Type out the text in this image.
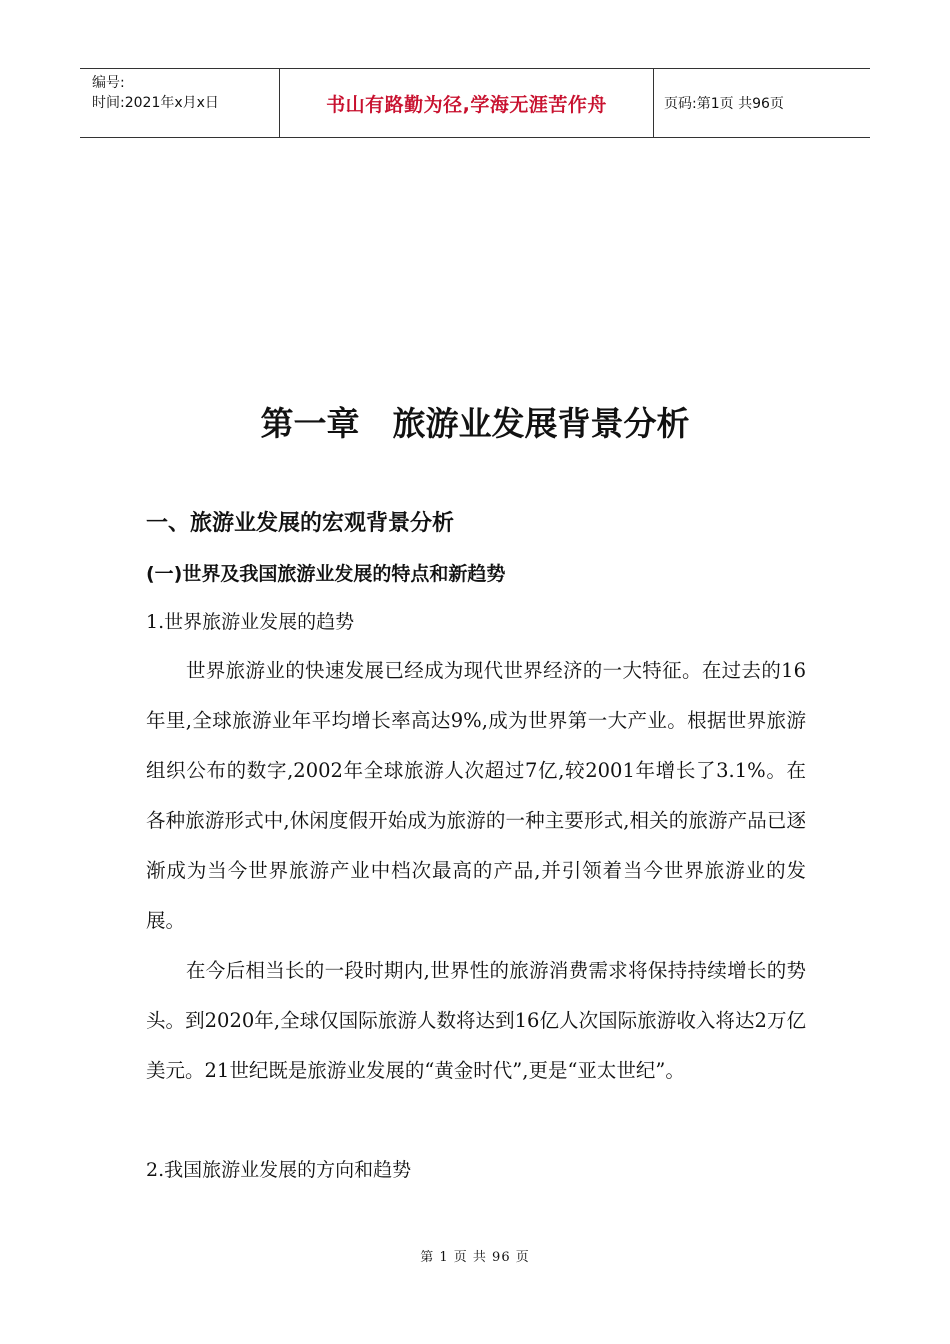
编号:
时间:2021年x月x日	书山有路勤为径,学海无涯苦作舟	页码:第1页 共96页
第一章　旅游业发展背景分析
一、旅游业发展的宏观背景分析
(一)世界及我国旅游业发展的特点和新趋势
1.世界旅游业发展的趋势

世界旅游业的快速发展已经成为现代世界经济的一大特征。在过去的16年里,全球旅游业年平均增长率高达9%,成为世界第一大产业。根据世界旅游组织公布的数字,2002年全球旅游人次超过7亿,较2001年增长了3.1%。在各种旅游形式中,休闲度假开始成为旅游的一种主要形式,相关的旅游产品已逐渐成为当今世界旅游产业中档次最高的产品,并引领着当今世界旅游业的发展。

在今后相当长的一段时期内,世界性的旅游消费需求将保持持续增长的势头。到2020年,全球仅国际旅游人数将达到16亿人次国际旅游收入将达2万亿美元。21世纪既是旅游业发展的“黄金时代”,更是“亚太世纪”。

2.我国旅游业发展的方向和趋势
第 1 页 共 96 页
